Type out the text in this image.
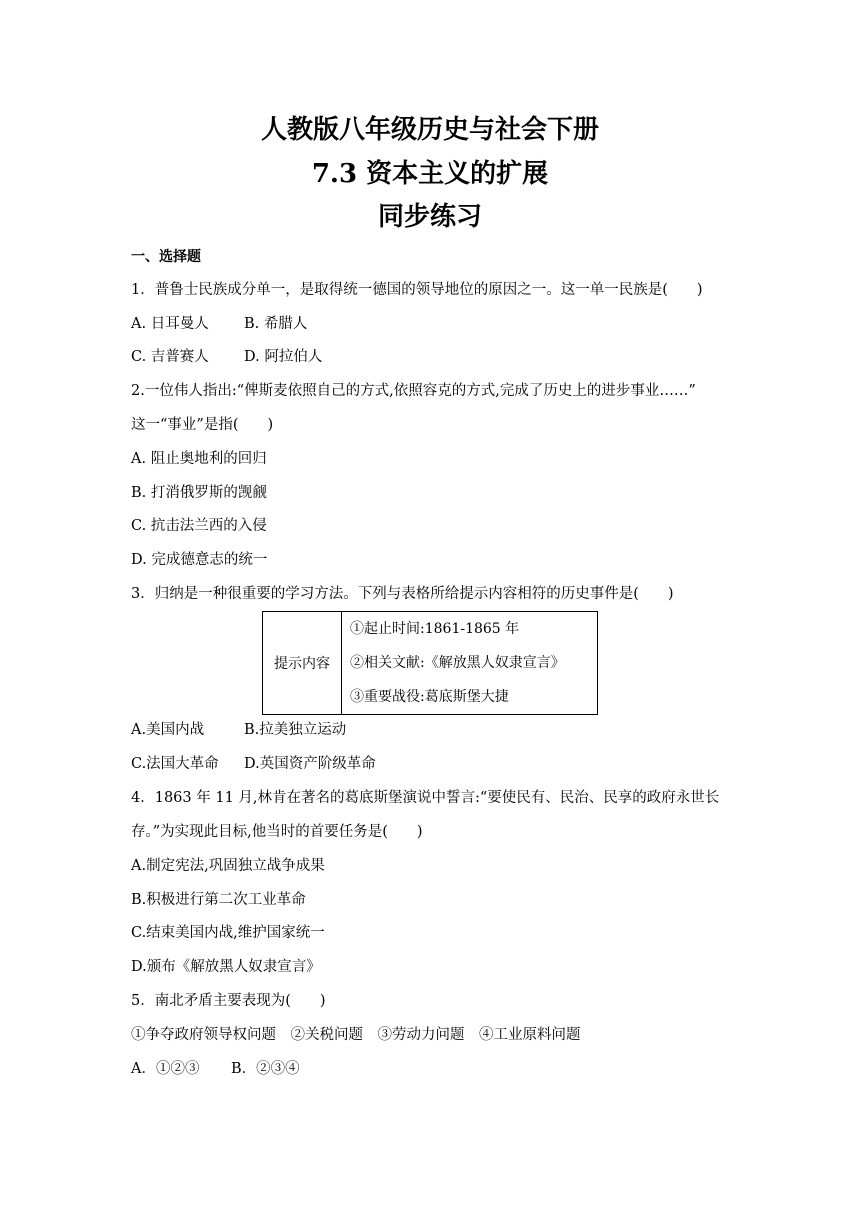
人教版八年级历史与社会下册
7.3 资本主义的扩展
同步练习
一、选择题
1．普鲁士民族成分单一，是取得统一德国的领导地位的原因之一。这一单一民族是(　　)
A. 日耳曼人 B. 希腊人
C. 吉普赛人 D. 阿拉伯人
2.一位伟人指出:“俾斯麦依照自己的方式,依照容克的方式,完成了历史上的进步事业……”
这一“事业”是指(　　)
A. 阻止奥地利的回归
B. 打消俄罗斯的觊觎
C. 抗击法兰西的入侵
D. 完成德意志的统一
3．归纳是一种很重要的学习方法。下列与表格所给提示内容相符的历史事件是(　　)
提示内容	
①起止时间:1861-1865 年
②相关文献:《解放黑人奴隶宣言》
③重要战役:葛底斯堡大捷
A.美国内战	B.拉美独立运动
C.法国大革命 D.英国资产阶级革命
4．1863 年 11 月,林肯在著名的葛底斯堡演说中誓言:“要使民有、民治、民享的政府永世长
存。”为实现此目标,他当时的首要任务是(　　)
A.制定宪法,巩固独立战争成果
B.积极进行第二次工业革命
C.结束美国内战,维护国家统一
D.颁布《解放黑人奴隶宣言》
5．南北矛盾主要表现为(　　)
①争夺政府领导权问题　②关税问题　③劳动力问题　④工业原料问题
A．①②③ B．②③④
